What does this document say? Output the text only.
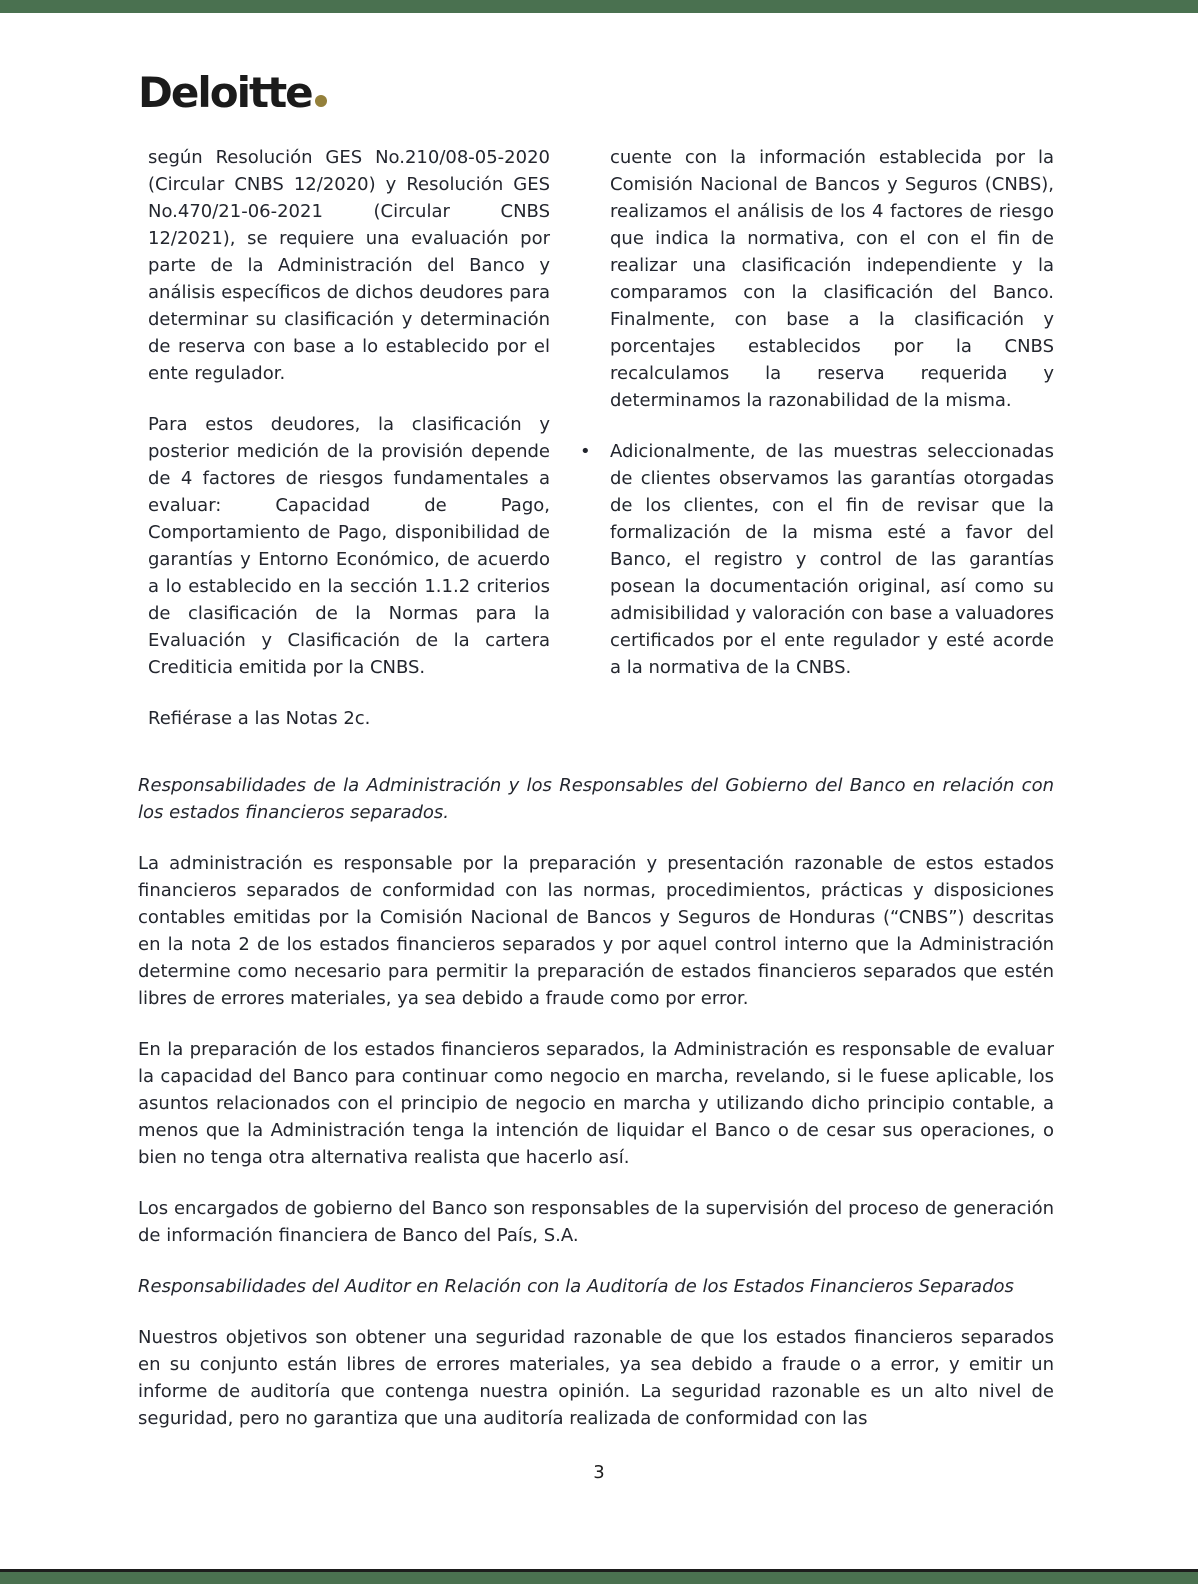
Deloitte

según Resolución GES No.210/08-05-2020 (Circular CNBS 12/2020) y Resolución GES No.470/21-06-2021 (Circular CNBS 12/2021), se requiere una evaluación por parte de la Administración del Banco y análisis específicos de dichos deudores para determinar su clasificación y determinación de reserva con base a lo establecido por el ente regulador.

Para estos deudores, la clasificación y posterior medición de la provisión depende de 4 factores de riesgos fundamentales a evaluar: Capacidad de Pago, Comportamiento de Pago, disponibilidad de garantías y Entorno Económico, de acuerdo a lo establecido en la sección 1.1.2 criterios de clasificación de la Normas para la Evaluación y Clasificación de la cartera Crediticia emitida por la CNBS.

Refiérase a las Notas 2c.

cuente con la información establecida por la Comisión Nacional de Bancos y Seguros (CNBS), realizamos el análisis de los 4 factores de riesgo que indica la normativa, con el con el fin de realizar una clasificación independiente y la comparamos con la clasificación del Banco. Finalmente, con base a la clasificación y porcentajes establecidos por la CNBS recalculamos la reserva requerida y determinamos la razonabilidad de la misma.
• Adicionalmente, de las muestras seleccionadas de clientes observamos las garantías otorgadas de los clientes, con el fin de revisar que la formalización de la misma esté a favor del Banco, el registro y control de las garantías posean la documentación original, así como su admisibilidad y valoración con base a valuadores certificados por el ente regulador y esté acorde a la normativa de la CNBS.
Responsabilidades de la Administración y los Responsables del Gobierno del Banco en relación con los estados financieros separados.

La administración es responsable por la preparación y presentación razonable de estos estados financieros separados de conformidad con las normas, procedimientos, prácticas y disposiciones contables emitidas por la Comisión Nacional de Bancos y Seguros de Honduras (“CNBS”) descritas en la nota 2 de los estados financieros separados y por aquel control interno que la Administración determine como necesario para permitir la preparación de estados financieros separados que estén libres de errores materiales, ya sea debido a fraude como por error.

En la preparación de los estados financieros separados, la Administración es responsable de evaluar la capacidad del Banco para continuar como negocio en marcha, revelando, si le fuese aplicable, los asuntos relacionados con el principio de negocio en marcha y utilizando dicho principio contable, a menos que la Administración tenga la intención de liquidar el Banco o de cesar sus operaciones, o bien no tenga otra alternativa realista que hacerlo así.

Los encargados de gobierno del Banco son responsables de la supervisión del proceso de generación de información financiera de Banco del País, S.A.

Responsabilidades del Auditor en Relación con la Auditoría de los Estados Financieros Separados

Nuestros objetivos son obtener una seguridad razonable de que los estados financieros separados en su conjunto están libres de errores materiales, ya sea debido a fraude o a error, y emitir un informe de auditoría que contenga nuestra opinión. La seguridad razonable es un alto nivel de seguridad, pero no garantiza que una auditoría realizada de conformidad con las

3
